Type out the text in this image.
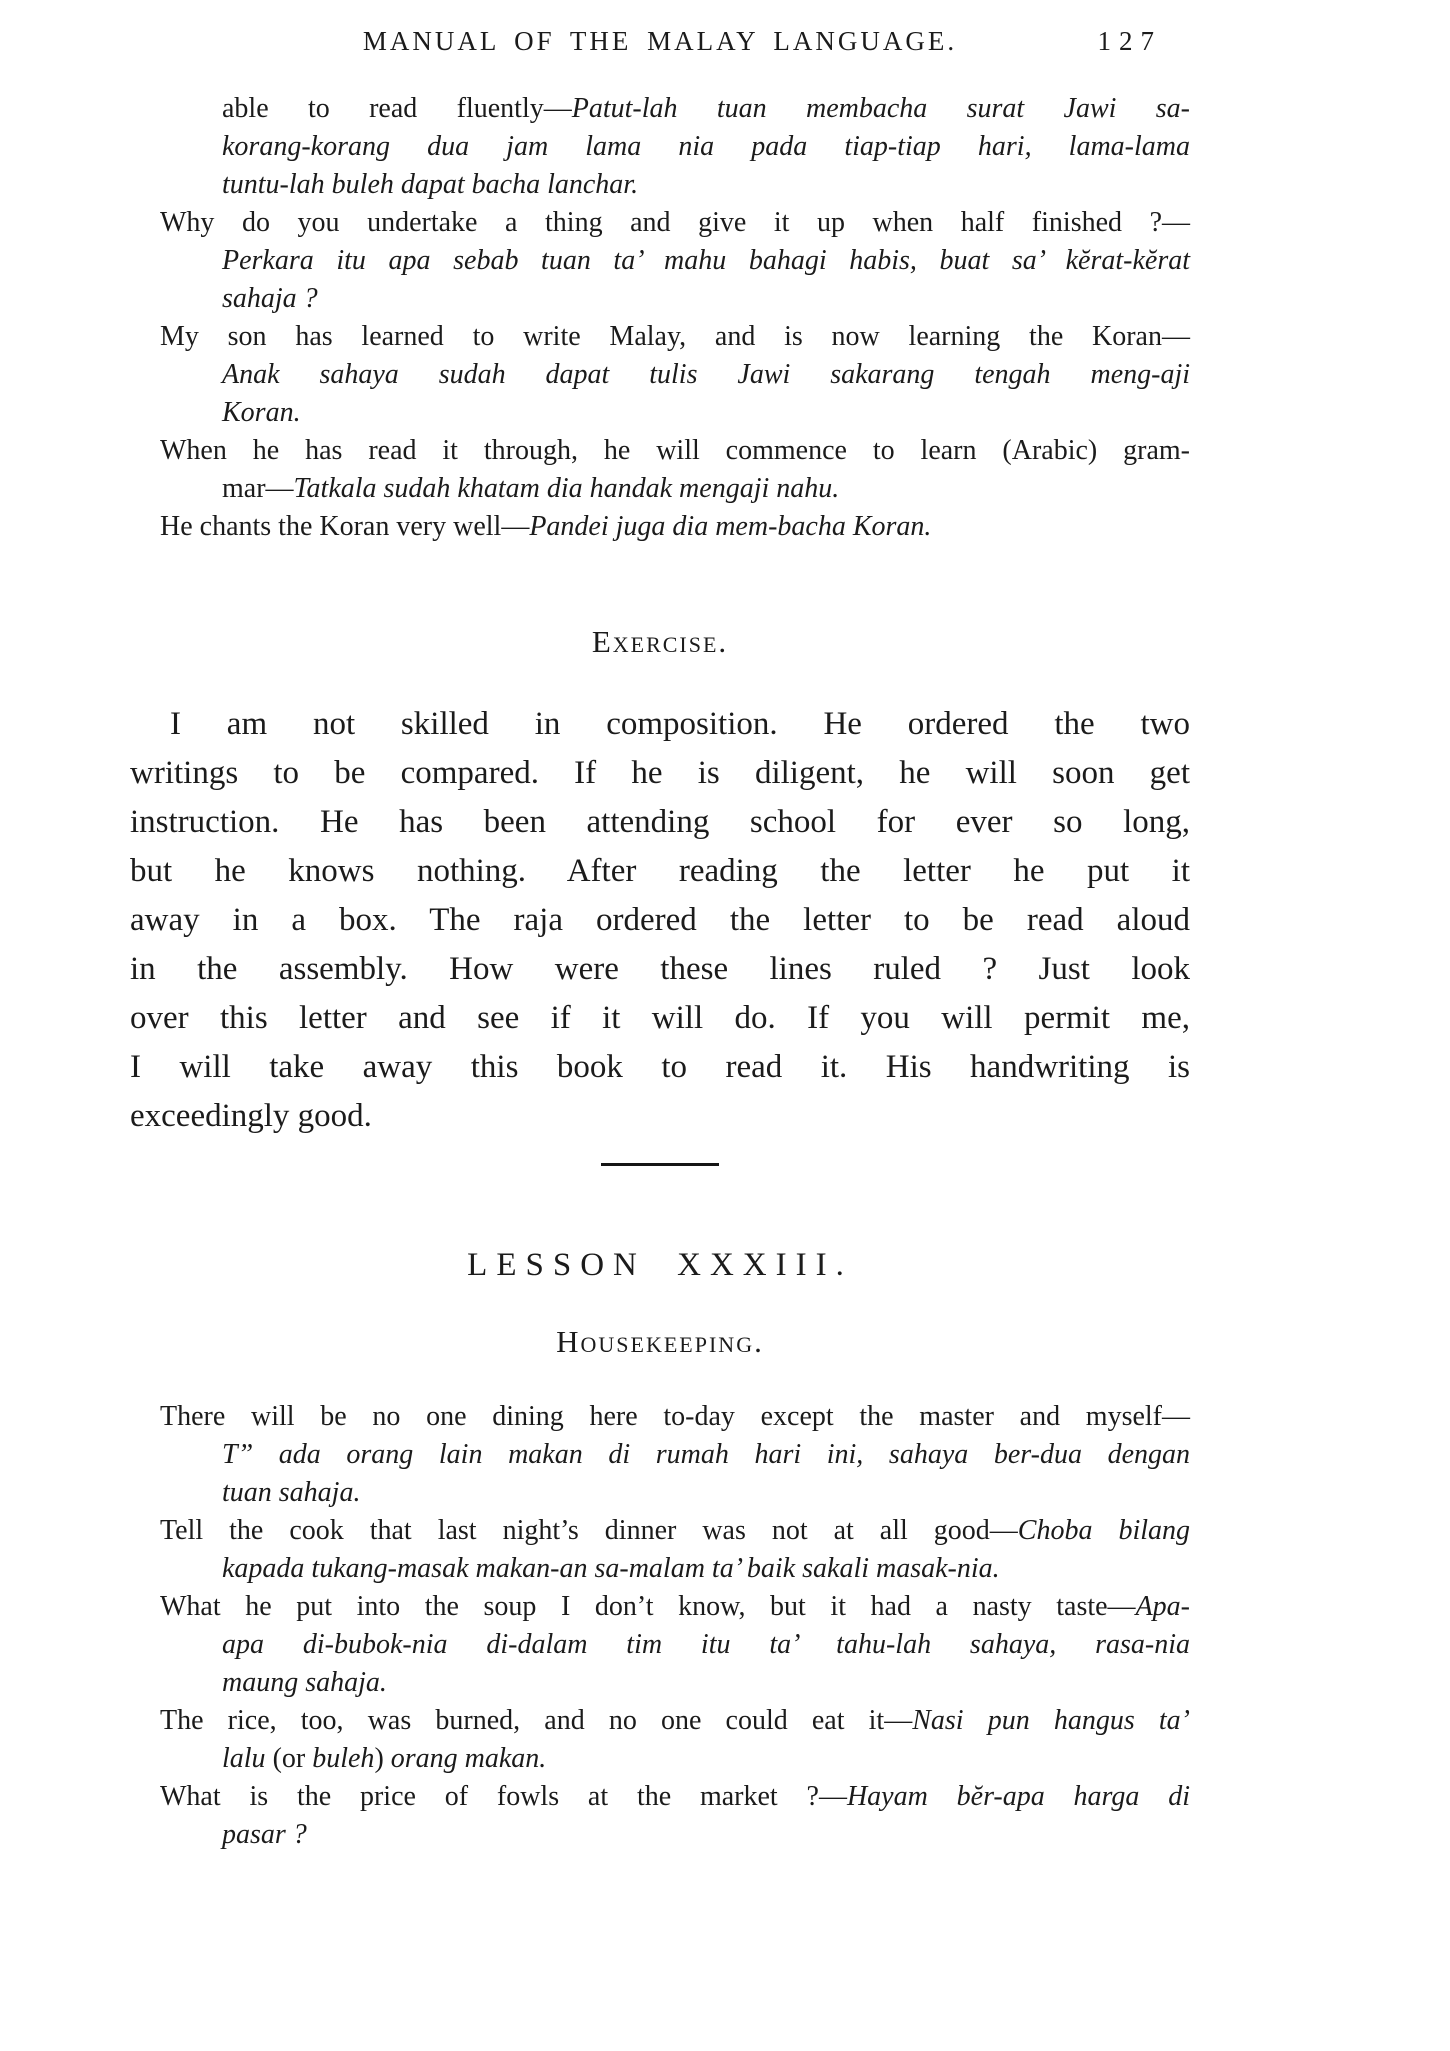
MANUAL OF THE MALAY LANGUAGE.	127
able to read fluently—Patut-lah tuan membacha surat Jawi sa-
korang-korang dua jam lama nia pada tiap-tiap hari, lama-lama
tuntu-lah buleh dapat bacha lanchar.
Why do you undertake a thing and give it up when half finished ?—
Perkara itu apa sebab tuan ta’ mahu bahagi habis, buat sa’ kĕrat-kĕrat
sahaja ?
My son has learned to write Malay, and is now learning the Koran—
Anak sahaya sudah dapat tulis Jawi sakarang tengah meng-aji
Koran.
When he has read it through, he will commence to learn (Arabic) gram-
mar—Tatkala sudah khatam dia handak mengaji nahu.
He chants the Koran very well—Pandei juga dia mem-bacha Koran.
Exercise.
I am not skilled in composition. He ordered the two
writings to be compared. If he is diligent, he will soon get
instruction. He has been attending school for ever so long,
but he knows nothing. After reading the letter he put it
away in a box. The raja ordered the letter to be read aloud
in the assembly. How were these lines ruled ? Just look
over this letter and see if it will do. If you will permit me,
I will take away this book to read it. His handwriting is
exceedingly good.
LESSON XXXIII.
Housekeeping.
There will be no one dining here to-day except the master and myself—
T” ada orang lain makan di rumah hari ini, sahaya ber-dua dengan
tuan sahaja.
Tell the cook that last night’s dinner was not at all good—Choba bilang
kapada tukang-masak makan-an sa-malam ta’ baik sakali masak-nia.
What he put into the soup I don’t know, but it had a nasty taste—Apa-
apa di-bubok-nia di-dalam tim itu ta’ tahu-lah sahaya, rasa-nia
maung sahaja.
The rice, too, was burned, and no one could eat it—Nasi pun hangus ta’
lalu (or buleh) orang makan.
What is the price of fowls at the market ?—Hayam bĕr-apa harga di
pasar ?
